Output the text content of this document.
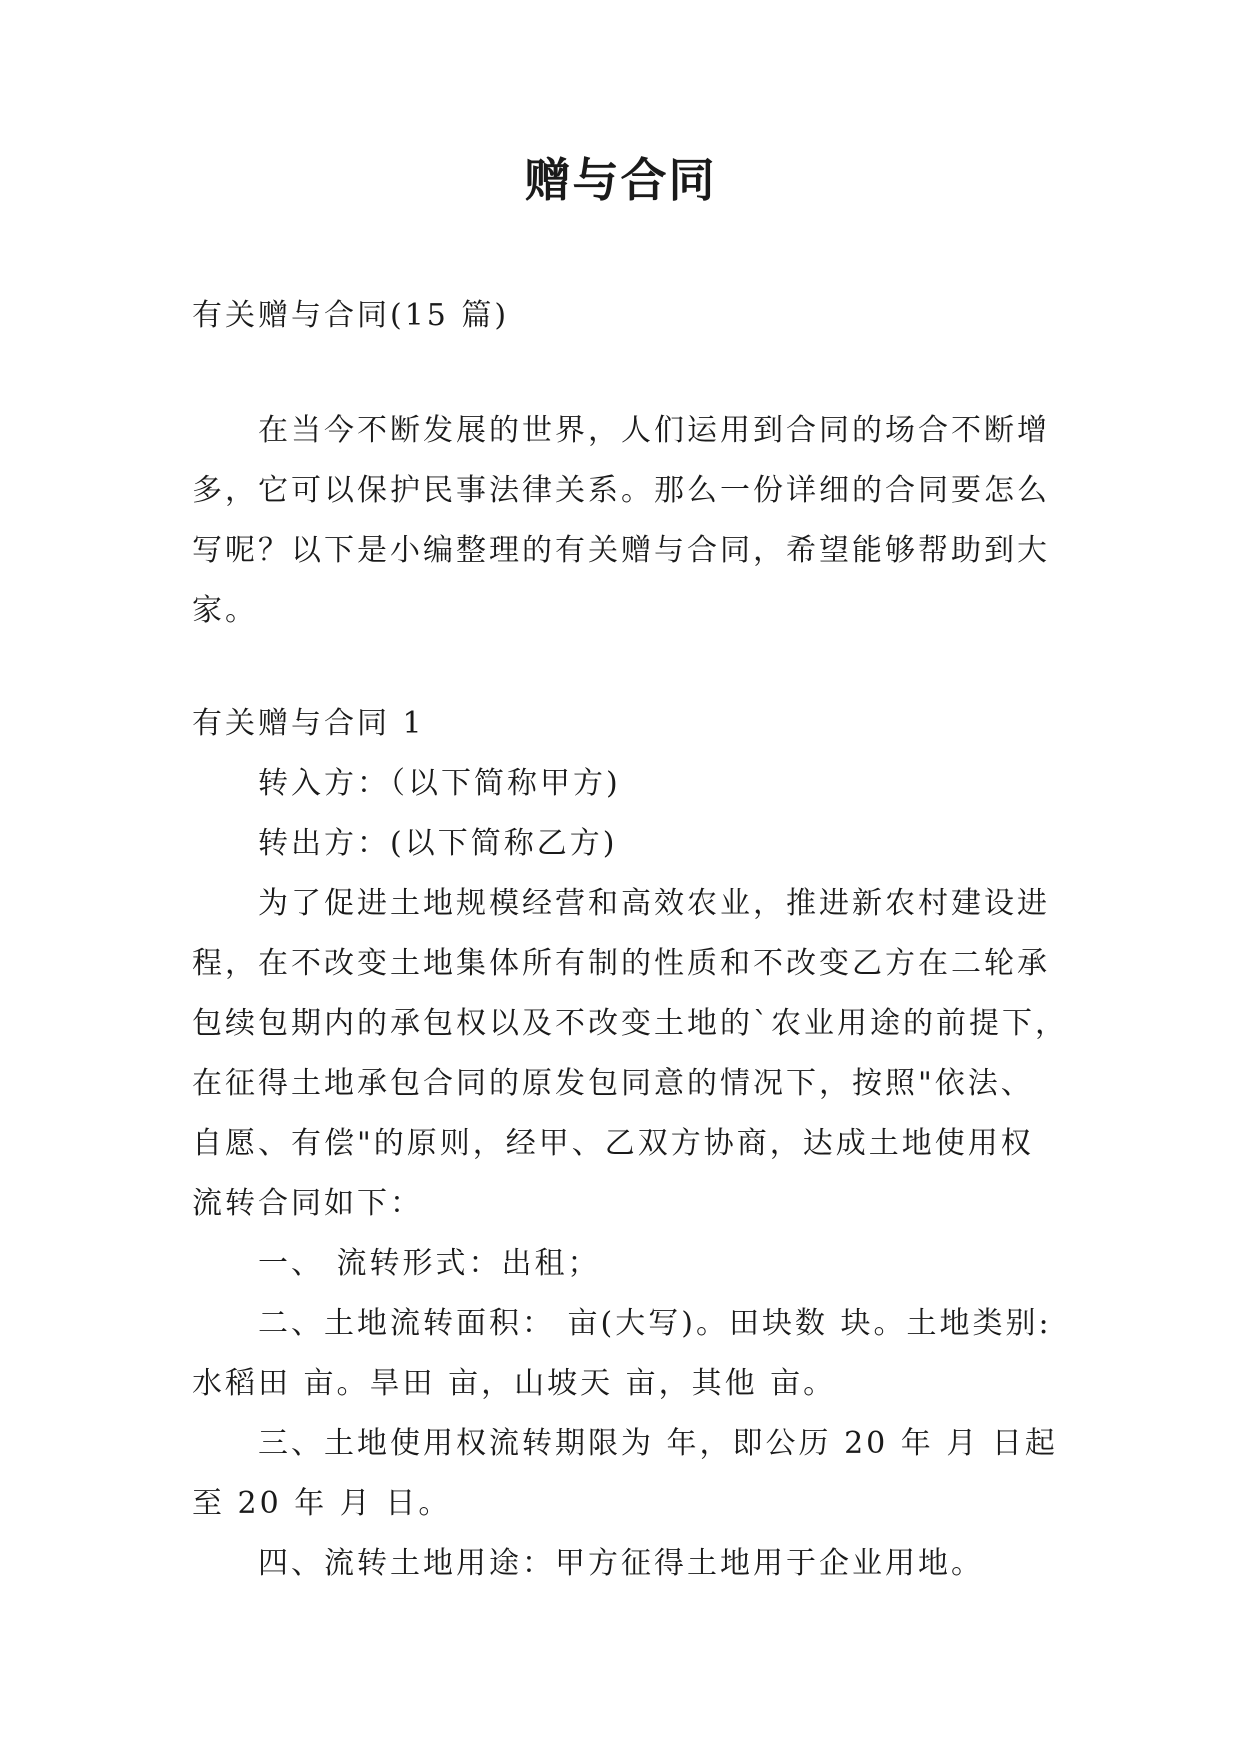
赠与合同
有关赠与合同(15 篇)
在当今不断发展的世界，人们运用到合同的场合不断增
多，它可以保护民事法律关系。那么一份详细的合同要怎么
写呢？以下是小编整理的有关赠与合同，希望能够帮助到大
家。
有关赠与合同 1
转入方：（以下简称甲方)
转出方：(以下简称乙方)
为了促进土地规模经营和高效农业，推进新农村建设进
程，在不改变土地集体所有制的性质和不改变乙方在二轮承
包续包期内的承包权以及不改变土地的`农业用途的前提下，
在征得土地承包合同的原发包同意的情况下，按照"依法、
自愿、有偿"的原则，经甲、乙双方协商，达成土地使用权
流转合同如下：
一、 流转形式：出租；
二、土地流转面积： 亩(大写)。田块数 块。土地类别:
水稻田 亩。旱田 亩，山坡天 亩，其他 亩。
三、土地使用权流转期限为 年，即公历 20 年 月 日起
至 20 年 月 日。
四、流转土地用途：甲方征得土地用于企业用地。
